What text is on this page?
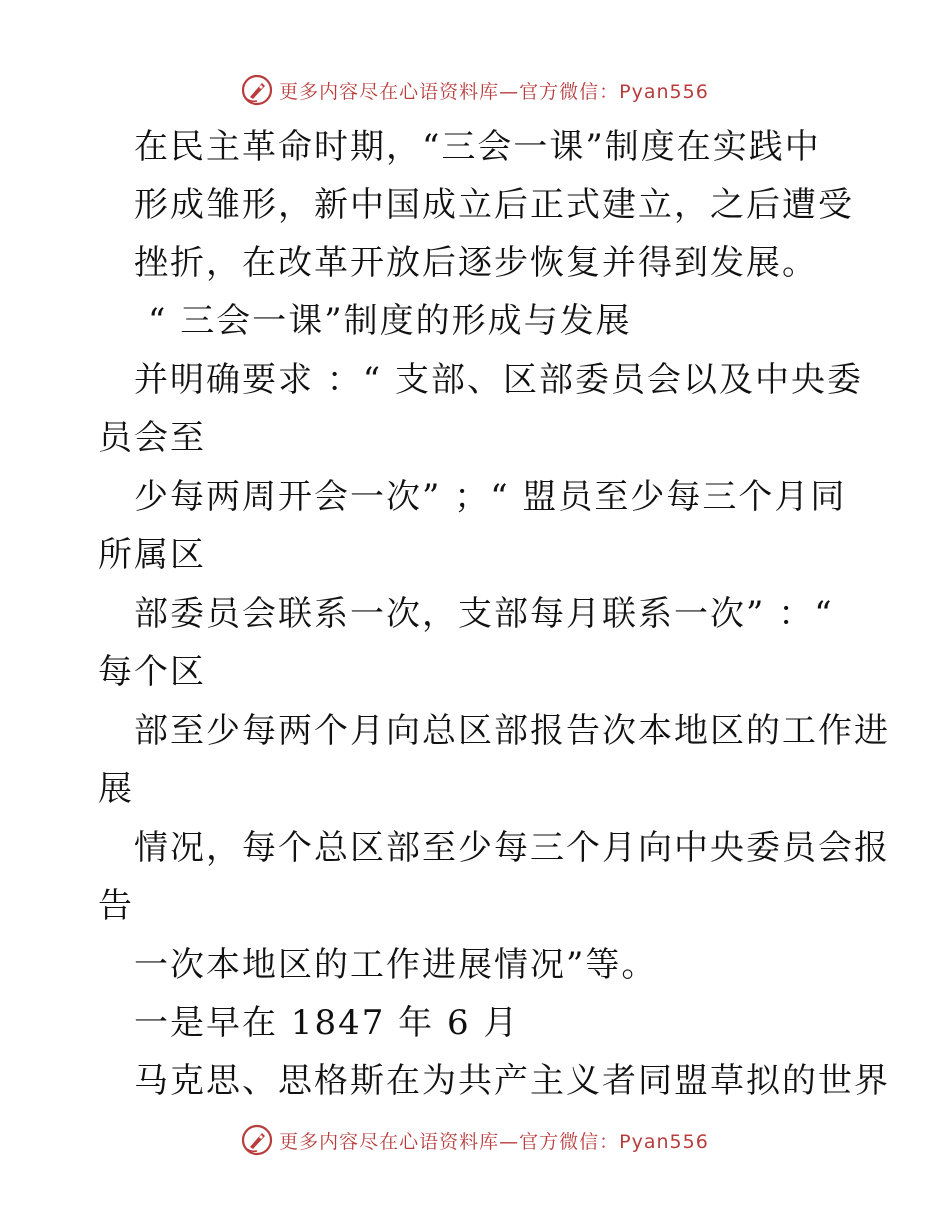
更多内容尽在心语资料库—官方微信：Pyan556
在民主革命时期，“三会一课”制度在实践中
形成雏形，新中国成立后正式建立，之后遭受
挫折，在改革开放后逐步恢复并得到发展。
“ 三会一课”制度的形成与发展
并明确要求 ：“ 支部、区部委员会以及中央委
员会至
少每两周开会一次” ；“ 盟员至少每三个月同
所属区
部委员会联系一次，支部每月联系一次” ：“
每个区
部至少每两个月向总区部报告次本地区的工作进
展
情况，每个总区部至少每三个月向中央委员会报
告
一次本地区的工作进展情况”等。
一是早在 1847 年 6 月
马克思、思格斯在为共产主义者同盟草拟的世界
更多内容尽在心语资料库—官方微信：Pyan556
